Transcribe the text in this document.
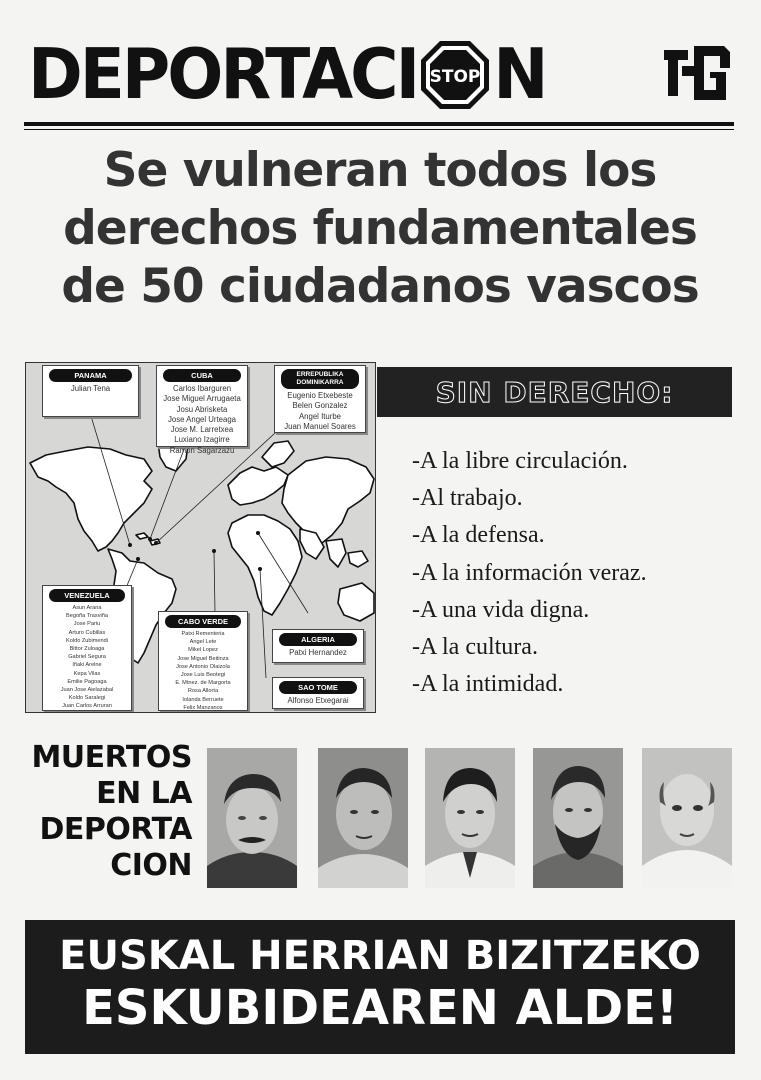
DEPORTACI STOP N
Se vulneran todos los
derechos fundamentales
de 50 ciudadanos vascos
PANAMA
Julian Tena
CUBA
Carlos Ibarguren
Jose Miguel Arrugaeta
Josu Abrisketa
Jose Angel Urteaga
Jose M. Larretxea
Luxiano Izagirre
Ramon Sagarzazu
ERREPUBLIKA
DOMINIKARRA
Eugenio Etxebeste
Belen Gonzalez
Angel Iturbe
Juan Manuel Soares
VENEZUELA
Asun Arana
Begoña Trasviña
Jose Pariu
Arturo Cubillas
Koldo Zubimendi
Bittor Zuloaga
Gabriel Segura
Iñaki Arelne
Kepa Vilas
Emilie Pagoaga
Juan Jose Aielazabal
Koldo Saralegi
Juan Carlos Arruran
CABO VERDE
Patxi Rementeria
Angel Lete
Mikel Lopez
Jose Miguel Beitinza
Jose Antonio Olaizola
Jose Luis Beotegi
E. Mtnez. de Margorta
Rosa Allorta
Iolanda Berruete
Felix Manzanos
ALGERIA
Patxi Hernandez
SAO TOME
Alfonso Etxegarai
SIN DERECHO:
-A la libre circulación.
-Al trabajo.
-A la defensa.
-A la información veraz.
-A una vida digna.
-A la cultura.
-A la intimidad.
MUERTOS
EN LA
DEPORTA
CION
EUSKAL HERRIAN BIZITZEKO
ESKUBIDEAREN ALDE!
